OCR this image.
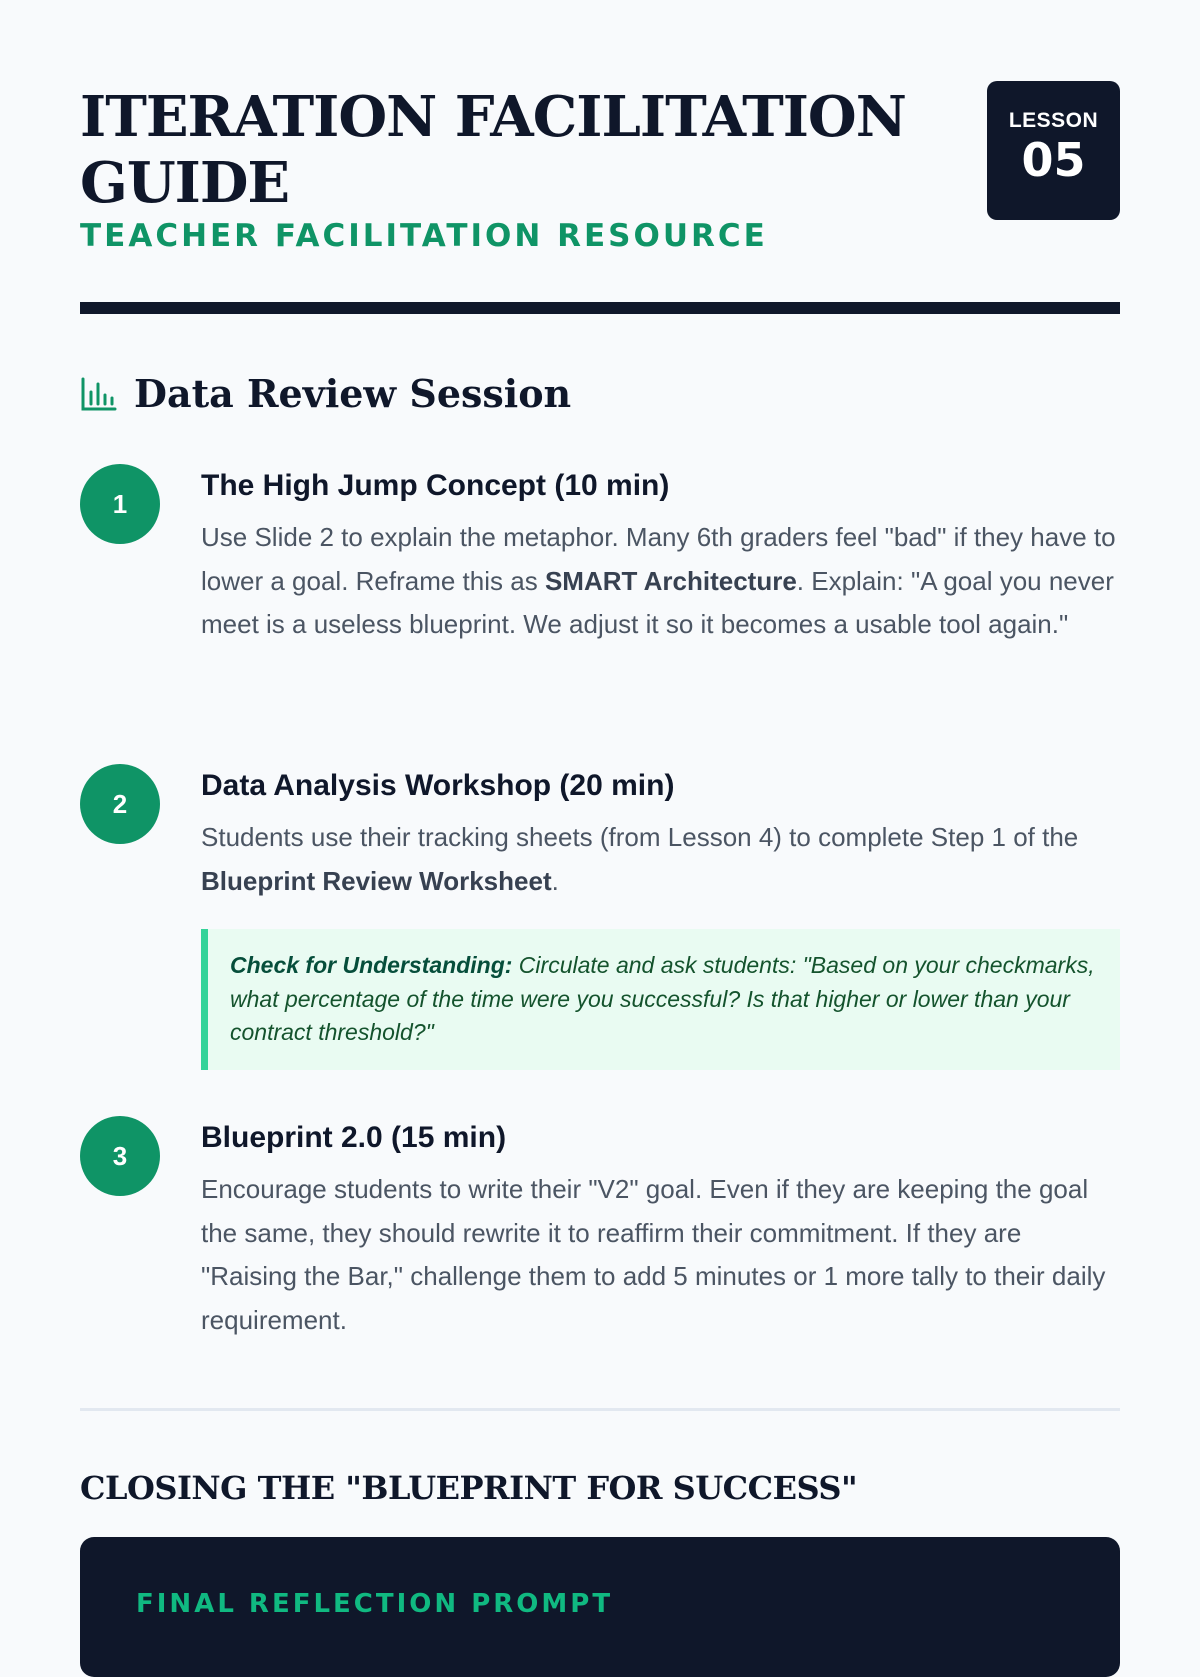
ITERATION FACILITATION GUIDE
TEACHER FACILITATION RESOURCE
LESSON
05
Data Review Session
1
The High Jump Concept (10 min)

Use Slide 2 to explain the metaphor. Many 6th graders feel "bad" if they have to lower a goal. Reframe this as SMART Architecture. Explain: "A goal you never meet is a useless blueprint. We adjust it so it becomes a usable tool again."

2
Data Analysis Workshop (20 min)

Students use their tracking sheets (from Lesson 4) to complete Step 1 of the Blueprint Review Worksheet.

Check for Understanding: Circulate and ask students: "Based on your checkmarks, what percentage of the time were you successful? Is that higher or lower than your contract threshold?"
3
Blueprint 2.0 (15 min)

Encourage students to write their "V2" goal. Even if they are keeping the goal the same, they should rewrite it to reaffirm their commitment. If they are "Raising the Bar," challenge them to add 5 minutes or 1 more tally to their daily requirement.

CLOSING THE "BLUEPRINT FOR SUCCESS"
FINAL REFLECTION PROMPT
